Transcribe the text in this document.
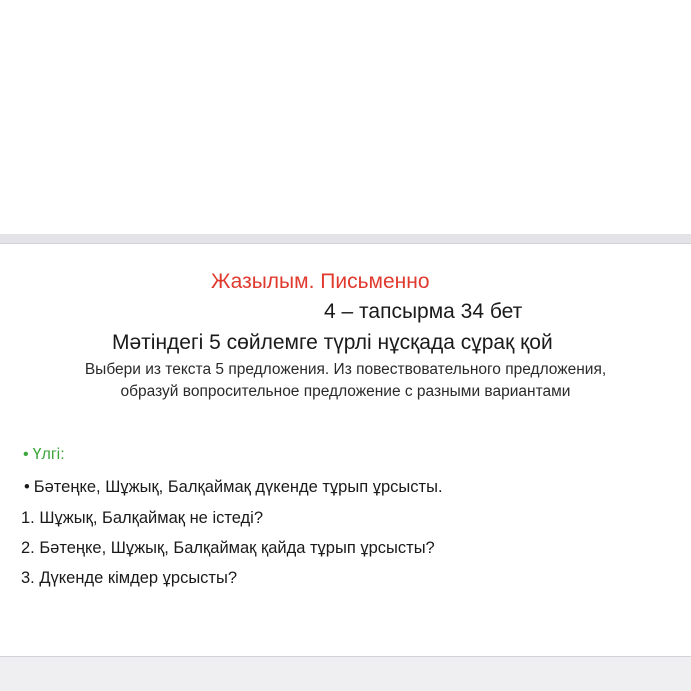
Жазылым. Письменно

4 – тапсырма 34 бет

Мәтіндегі 5 сөйлемге түрлі нұсқада сұрақ қой

Выбери из текста 5 предложения. Из повествовательного предложения,

образуй вопросительное предложение с разными вариантами

• Үлгі:

• Бәтеңке, Шұжық, Балқаймақ дүкенде тұрып ұрсысты.

1. Шұжық, Балқаймақ не істеді?

2. Бәтеңке, Шұжық, Балқаймақ қайда тұрып ұрсысты?

3. Дүкенде кімдер ұрсысты?
